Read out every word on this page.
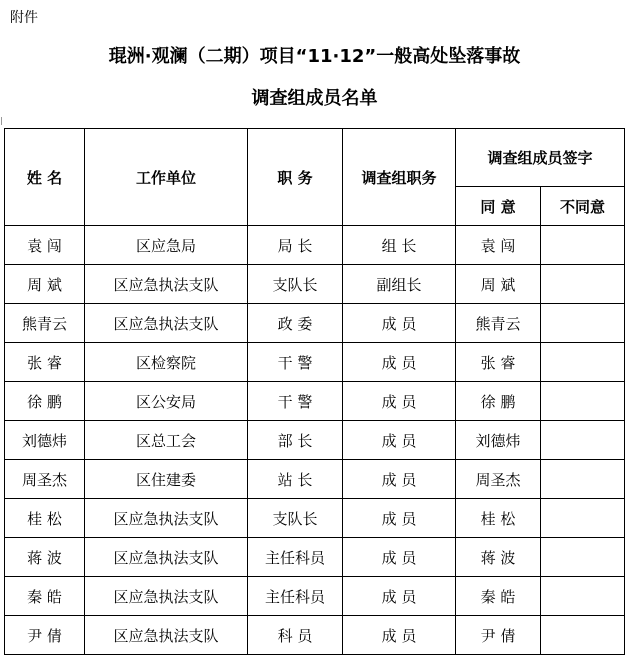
附件
琨洲·观澜（二期）项目“11·12”一般高处坠落事故
调查组成员名单
姓 名	工作单位	职 务	调查组职务	调查组成员签字	
				同 意	不同意
袁 闯	区应急局	局 长	组 长	袁 闯	
周 斌	区应急执法支队	支队长	副组长	周 斌	
熊青云	区应急执法支队	政 委	成 员	熊青云	
张 睿	区检察院	干 警	成 员	张 睿	
徐 鹏	区公安局	干 警	成 员	徐 鹏	
刘德炜	区总工会	部 长	成 员	刘德炜	
周圣杰	区住建委	站 长	成 员	周圣杰	
桂 松	区应急执法支队	支队长	成 员	桂 松	
蒋 波	区应急执法支队	主任科员	成 员	蒋 波	
秦 皓	区应急执法支队	主任科员	成 员	秦 皓	
尹 倩	区应急执法支队	科 员	成 员	尹 倩	
